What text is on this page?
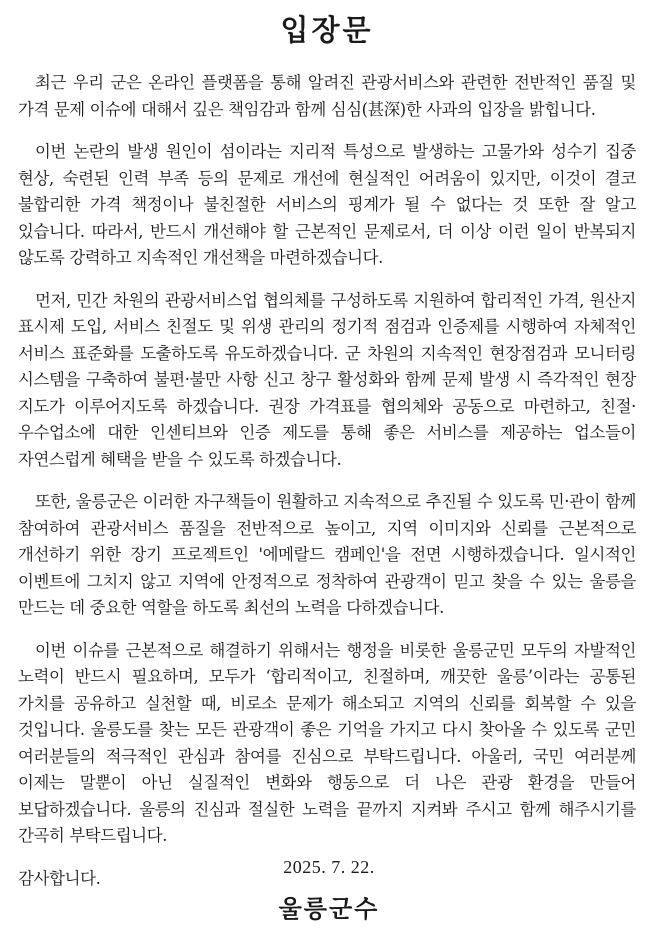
입장문

최근 우리 군은 온라인 플랫폼을 통해 알려진 관광서비스와 관련한 전반적인 품질 및 가격 문제 이슈에 대해서 깊은 책임감과 함께 심심(甚深)한 사과의 입장을 밝힙니다.

이번 논란의 발생 원인이 섬이라는 지리적 특성으로 발생하는 고물가와 성수기 집중 현상, 숙련된 인력 부족 등의 문제로 개선에 현실적인 어려움이 있지만, 이것이 결코 불합리한 가격 책정이나 불친절한 서비스의 핑계가 될 수 없다는 것 또한 잘 알고 있습니다. 따라서, 반드시 개선해야 할 근본적인 문제로서, 더 이상 이런 일이 반복되지 않도록 강력하고 지속적인 개선책을 마련하겠습니다.

먼저, 민간 차원의 관광서비스업 협의체를 구성하도록 지원하여 합리적인 가격, 원산지 표시제 도입, 서비스 친절도 및 위생 관리의 정기적 점검과 인증제를 시행하여 자체적인 서비스 표준화를 도출하도록 유도하겠습니다. 군 차원의 지속적인 현장점검과 모니터링 시스템을 구축하여 불편·불만 사항 신고 창구 활성화와 함께 문제 발생 시 즉각적인 현장 지도가 이루어지도록 하겠습니다. 권장 가격표를 협의체와 공동으로 마련하고, 친절·우수업소에 대한 인센티브와 인증 제도를 통해 좋은 서비스를 제공하는 업소들이 자연스럽게 혜택을 받을 수 있도록 하겠습니다.

또한, 울릉군은 이러한 자구책들이 원활하고 지속적으로 추진될 수 있도록 민·관이 함께 참여하여 관광서비스 품질을 전반적으로 높이고, 지역 이미지와 신뢰를 근본적으로 개선하기 위한 장기 프로젝트인 '에메랄드 캠페인'을 전면 시행하겠습니다. 일시적인 이벤트에 그치지 않고 지역에 안정적으로 정착하여 관광객이 믿고 찾을 수 있는 울릉을 만드는 데 중요한 역할을 하도록 최선의 노력을 다하겠습니다.

이번 이슈를 근본적으로 해결하기 위해서는 행정을 비롯한 울릉군민 모두의 자발적인 노력이 반드시 필요하며, 모두가 ‘합리적이고, 친절하며, 깨끗한 울릉’이라는 공통된 가치를 공유하고 실천할 때, 비로소 문제가 해소되고 지역의 신뢰를 회복할 수 있을 것입니다. 울릉도를 찾는 모든 관광객이 좋은 기억을 가지고 다시 찾아올 수 있도록 군민 여러분들의 적극적인 관심과 참여를 진심으로 부탁드립니다. 아울러, 국민 여러분께 이제는 말뿐이 아닌 실질적인 변화와 행동으로 더 나은 관광 환경을 만들어 보답하겠습니다. 울릉의 진심과 절실한 노력을 끝까지 지켜봐 주시고 함께 해주시기를 간곡히 부탁드립니다.

감사합니다.

2025. 7. 22.
울릉군수
